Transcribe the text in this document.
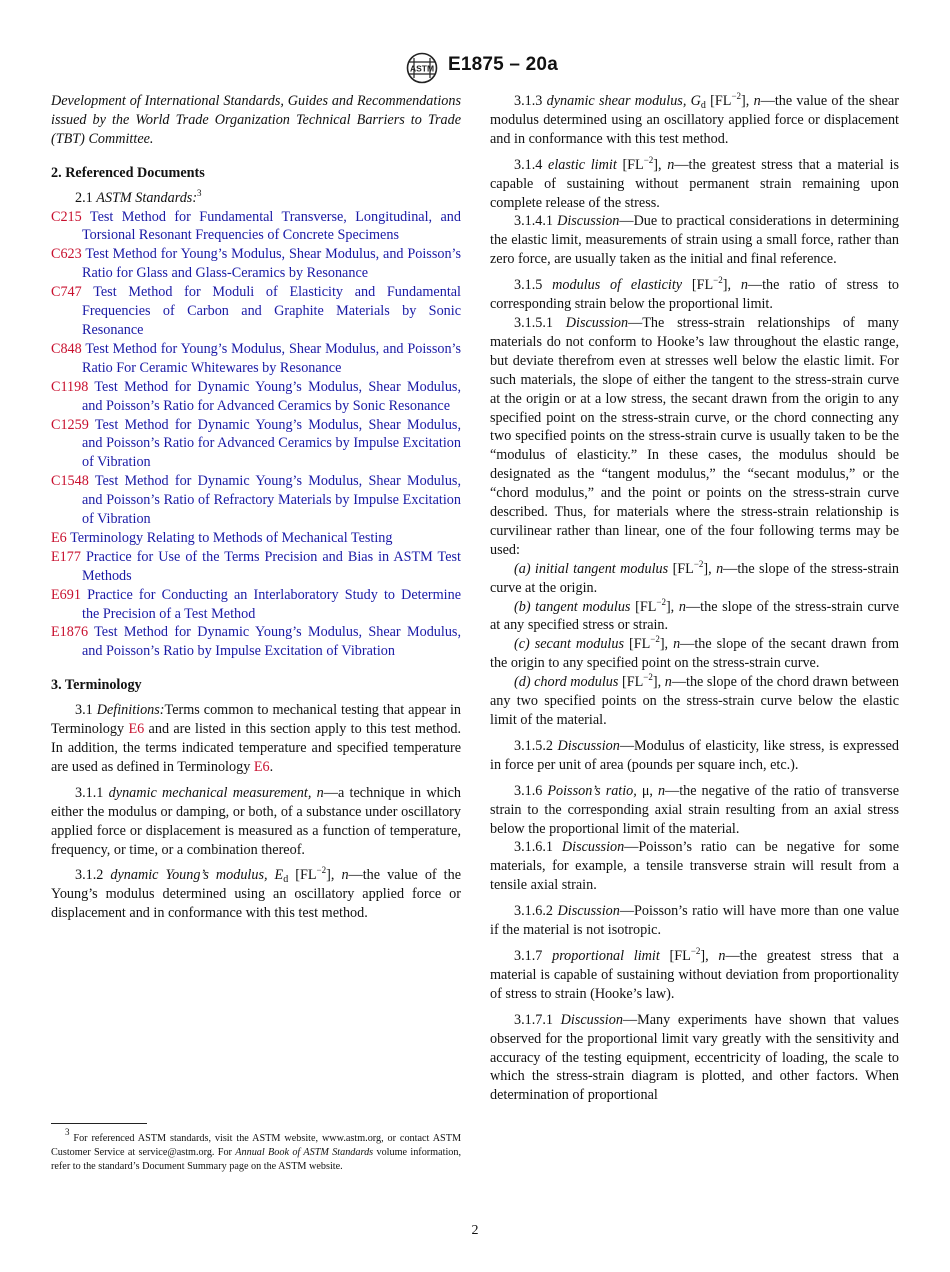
ASTM E1875 – 20a

Development of International Standards, Guides and Recommendations issued by the World Trade Organization Technical Barriers to Trade (TBT) Committee.

2. Referenced Documents

2.1 ASTM Standards:$^3$

C215 Test Method for Fundamental Transverse, Longitudinal, and Torsional Resonant Frequencies of Concrete Specimens

C623 Test Method for Young’s Modulus, Shear Modulus, and Poisson’s Ratio for Glass and Glass-Ceramics by Resonance

C747 Test Method for Moduli of Elasticity and Fundamental Frequencies of Carbon and Graphite Materials by Sonic Resonance

C848 Test Method for Young’s Modulus, Shear Modulus, and Poisson’s Ratio For Ceramic Whitewares by Resonance

C1198 Test Method for Dynamic Young’s Modulus, Shear Modulus, and Poisson’s Ratio for Advanced Ceramics by Sonic Resonance

C1259 Test Method for Dynamic Young’s Modulus, Shear Modulus, and Poisson’s Ratio for Advanced Ceramics by Impulse Excitation of Vibration

C1548 Test Method for Dynamic Young’s Modulus, Shear Modulus, and Poisson’s Ratio of Refractory Materials by Impulse Excitation of Vibration

E6 Terminology Relating to Methods of Mechanical Testing

E177 Practice for Use of the Terms Precision and Bias in ASTM Test Methods

E691 Practice for Conducting an Interlaboratory Study to Determine the Precision of a Test Method

E1876 Test Method for Dynamic Young’s Modulus, Shear Modulus, and Poisson’s Ratio by Impulse Excitation of Vibration

3. Terminology

3.1 Definitions:Terms common to mechanical testing that appear in Terminology E6 and are listed in this section apply to this test method. In addition, the terms indicated temperature and specified temperature are used as defined in Terminology E6.

3.1.1 dynamic mechanical measurement, n—a technique in which either the modulus or damping, or both, of a substance under oscillatory applied force or displacement is measured as a function of temperature, frequency, or time, or a combination thereof.

3.1.2 dynamic Young’s modulus, $E_d$ $[FL^{-2}]$, n—the value of the Young’s modulus determined using an oscillatory applied force or displacement and in conformance with this test method.

$^3$ For referenced ASTM standards, visit the ASTM website, www.astm.org, or contact ASTM Customer Service at service@astm.org. For Annual Book of ASTM Standards volume information, refer to the standard’s Document Summary page on the ASTM website.

3.1.3 dynamic shear modulus, $G_d$ $[FL^{-2}]$, n—the value of the shear modulus determined using an oscillatory applied force or displacement and in conformance with this test method.

3.1.4 elastic limit $[FL^{-2}]$, n—the greatest stress that a material is capable of sustaining without permanent strain remaining upon complete release of the stress.

3.1.4.1 Discussion—Due to practical considerations in determining the elastic limit, measurements of strain using a small force, rather than zero force, are usually taken as the initial and final reference.

3.1.5 modulus of elasticity $[FL^{-2}]$, n—the ratio of stress to corresponding strain below the proportional limit.

3.1.5.1 Discussion—The stress-strain relationships of many materials do not conform to Hooke’s law throughout the elastic range, but deviate therefrom even at stresses well below the elastic limit. For such materials, the slope of either the tangent to the stress-strain curve at the origin or at a low stress, the secant drawn from the origin to any specified point on the stress-strain curve, or the chord connecting any two specified points on the stress-strain curve is usually taken to be the “modulus of elasticity.” In these cases, the modulus should be designated as the “tangent modulus,” the “secant modulus,” or the “chord modulus,” and the point or points on the stress-strain curve described. Thus, for materials where the stress-strain relationship is curvilinear rather than linear, one of the four following terms may be used:

(a) initial tangent modulus $[FL^{-2}]$, n—the slope of the stress-strain curve at the origin.

(b) tangent modulus $[FL^{-2}]$, n—the slope of the stress-strain curve at any specified stress or strain.

(c) secant modulus $[FL^{-2}]$, n—the slope of the secant drawn from the origin to any specified point on the stress-strain curve.

(d) chord modulus $[FL^{-2}]$, n—the slope of the chord drawn between any two specified points on the stress-strain curve below the elastic limit of the material.

3.1.5.2 Discussion—Modulus of elasticity, like stress, is expressed in force per unit of area (pounds per square inch, etc.).

3.1.6 Poisson’s ratio, μ, n—the negative of the ratio of transverse strain to the corresponding axial strain resulting from an axial stress below the proportional limit of the material.

3.1.6.1 Discussion—Poisson’s ratio can be negative for some materials, for example, a tensile transverse strain will result from a tensile axial strain.

3.1.6.2 Discussion—Poisson’s ratio will have more than one value if the material is not isotropic.

3.1.7 proportional limit $[FL^{-2}]$, n—the greatest stress that a material is capable of sustaining without deviation from proportionality of stress to strain (Hooke’s law).

3.1.7.1 Discussion—Many experiments have shown that values observed for the proportional limit vary greatly with the sensitivity and accuracy of the testing equipment, eccentricity of loading, the scale to which the stress-strain diagram is plotted, and other factors. When determination of proportional

2
